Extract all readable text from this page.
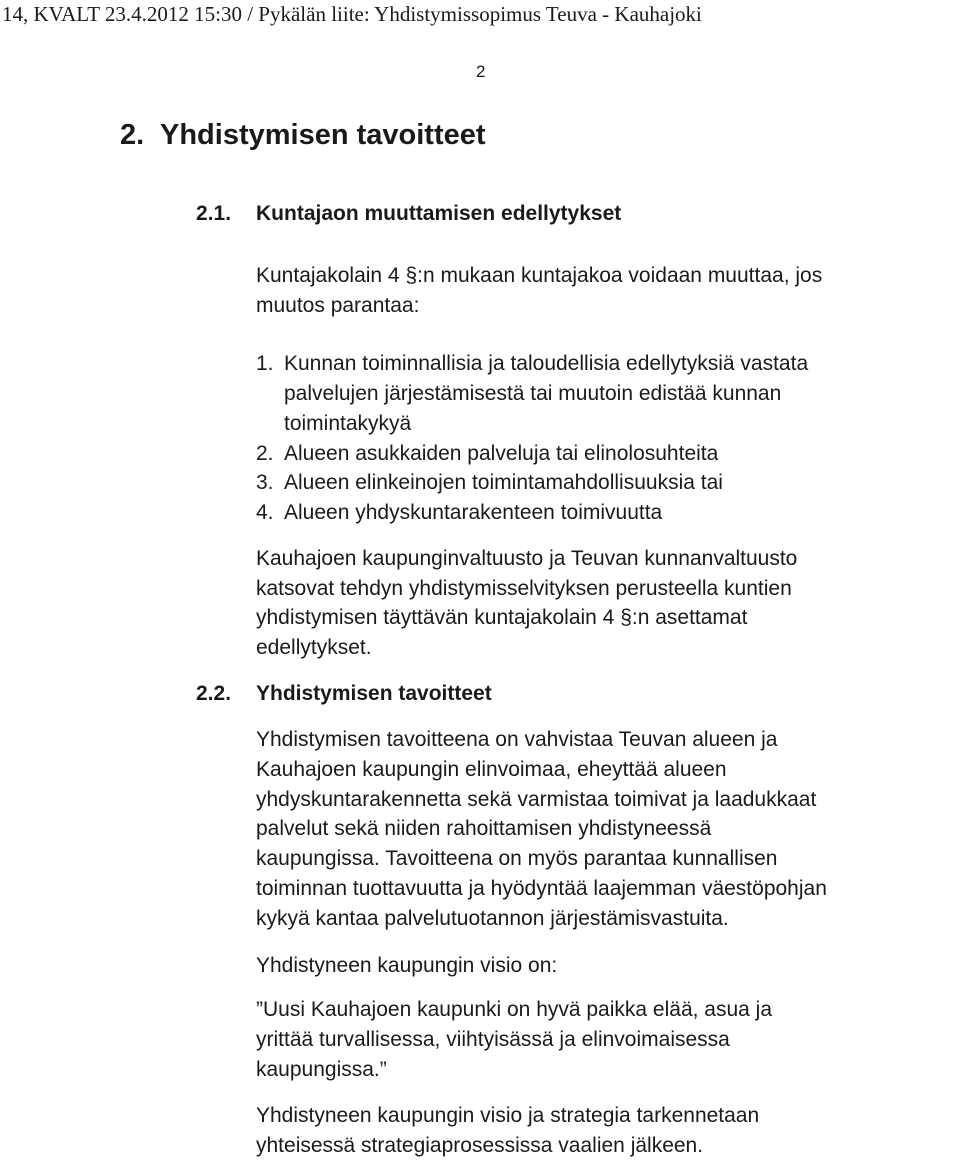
14, KVALT 23.4.2012 15:30 / Pykälän liite: Yhdistymissopimus Teuva - Kauhajoki
2
2. Yhdistymisen tavoitteet
2.1. Kuntajaon muuttamisen edellytykset
Kuntajakolain 4 §:n mukaan kuntajakoa voidaan muuttaa, jos
muutos parantaa:
1. Kunnan toiminnallisia ja taloudellisia edellytyksiä vastata
palvelujen järjestämisestä tai muutoin edistää kunnan
toimintakykyä
2. Alueen asukkaiden palveluja tai elinolosuhteita
3. Alueen elinkeinojen toimintamahdollisuuksia tai
4. Alueen yhdyskuntarakenteen toimivuutta
Kauhajoen kaupunginvaltuusto ja Teuvan kunnanvaltuusto
katsovat tehdyn yhdistymisselvityksen perusteella kuntien
yhdistymisen täyttävän kuntajakolain 4 §:n asettamat
edellytykset.
2.2. Yhdistymisen tavoitteet
Yhdistymisen tavoitteena on vahvistaa Teuvan alueen ja
Kauhajoen kaupungin elinvoimaa, eheyttää alueen
yhdyskuntarakennetta sekä varmistaa toimivat ja laadukkaat
palvelut sekä niiden rahoittamisen yhdistyneessä
kaupungissa. Tavoitteena on myös parantaa kunnallisen
toiminnan tuottavuutta ja hyödyntää laajemman väestöpohjan
kykyä kantaa palvelutuotannon järjestämisvastuita.
Yhdistyneen kaupungin visio on:
”Uusi Kauhajoen kaupunki on hyvä paikka elää, asua ja
yrittää turvallisessa, viihtyisässä ja elinvoimaisessa
kaupungissa.”
Yhdistyneen kaupungin visio ja strategia tarkennetaan
yhteisessä strategiaprosessissa vaalien jälkeen.
